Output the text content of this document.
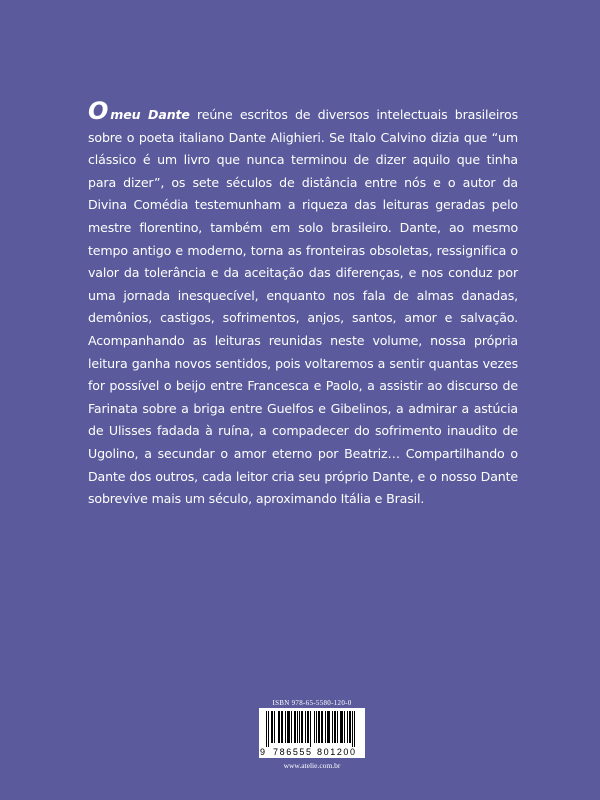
Omeu Dante reúne escritos de diversos intelectuais brasileiros sobre o poeta italiano Dante Alighieri. Se Italo Calvino dizia que “um clássico é um livro que nunca terminou de dizer aquilo que tinha para dizer”, os sete séculos de distância entre nós e o autor da Divina Comédia testemunham a riqueza das leituras geradas pelo mestre florentino, também em solo brasileiro. Dante, ao mesmo tempo antigo e moderno, torna as fronteiras obsoletas, ressignifica o valor da tolerância e da aceitação das diferenças, e nos conduz por uma jornada inesquecível, enquanto nos fala de almas danadas, demônios, castigos, sofrimentos, anjos, santos, amor e salvação. Acompanhando as leituras reunidas neste volume, nossa própria leitura ganha novos sentidos, pois voltaremos a sentir quantas vezes for possível o beijo entre Francesca e Paolo, a assistir ao discurso de Farinata sobre a briga entre Guelfos e Gibelinos, a admirar a astúcia de Ulisses fadada à ruína, a compadecer do sofrimento inaudito de Ugolino, a secundar o amor eterno por Beatriz… Compartilhando o Dante dos outros, cada leitor cria seu próprio Dante, e o nosso Dante sobrevive mais um século, aproximando Itália e Brasil.

ISBN 978-65-5580-120-0
9 786555 801200
www.atelie.com.br
